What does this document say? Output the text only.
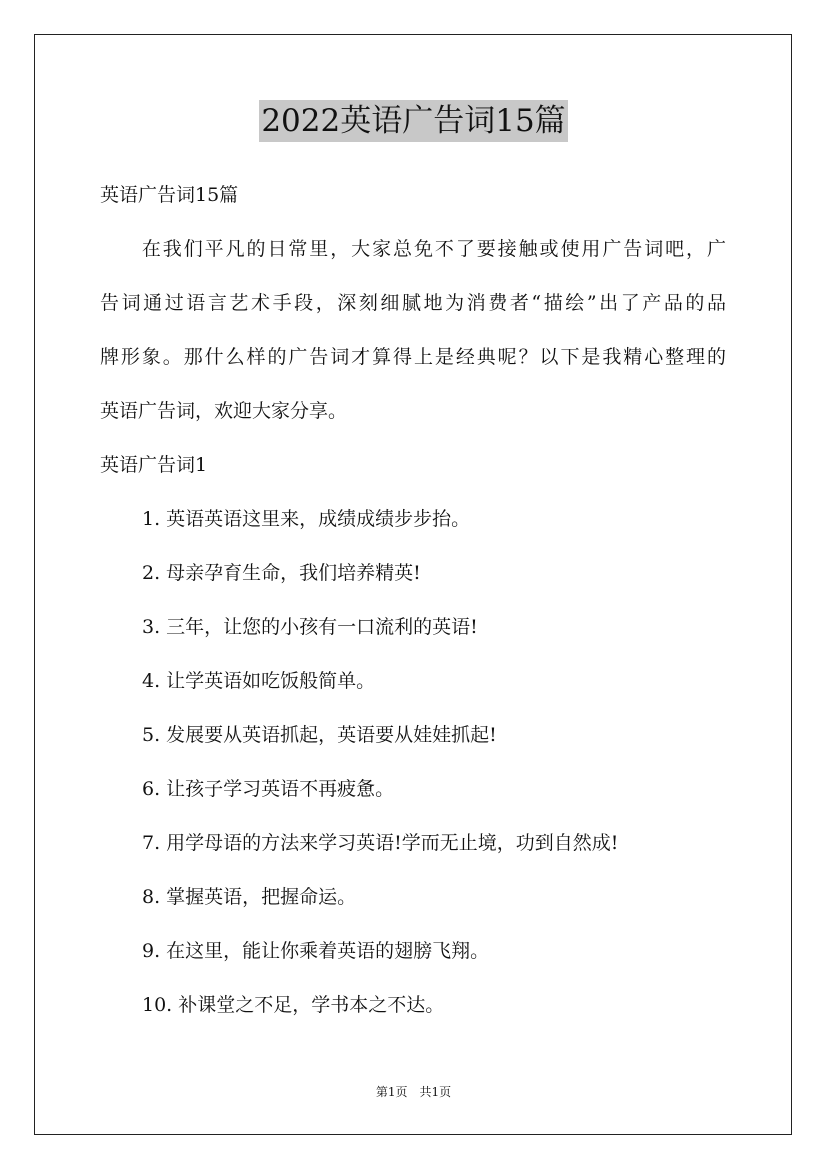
2022英语广告词15篇
英语广告词15篇
　　在我们平凡的日常里，大家总免不了要接触或使用广告词吧，广
告词通过语言艺术手段，深刻细腻地为消费者“描绘”出了产品的品
牌形象。那什么样的广告词才算得上是经典呢？以下是我精心整理的
英语广告词，欢迎大家分享。
英语广告词1
1. 英语英语这里来，成绩成绩步步抬。
2. 母亲孕育生命，我们培养精英!
3. 三年，让您的小孩有一口流利的英语!
4. 让学英语如吃饭般简单。
5. 发展要从英语抓起，英语要从娃娃抓起!
6. 让孩子学习英语不再疲惫。
7. 用学母语的方法来学习英语!学而无止境，功到自然成!
8. 掌握英语，把握命运。
9. 在这里，能让你乘着英语的翅膀飞翔。
10. 补课堂之不足，学书本之不达。
第1页　共1页
